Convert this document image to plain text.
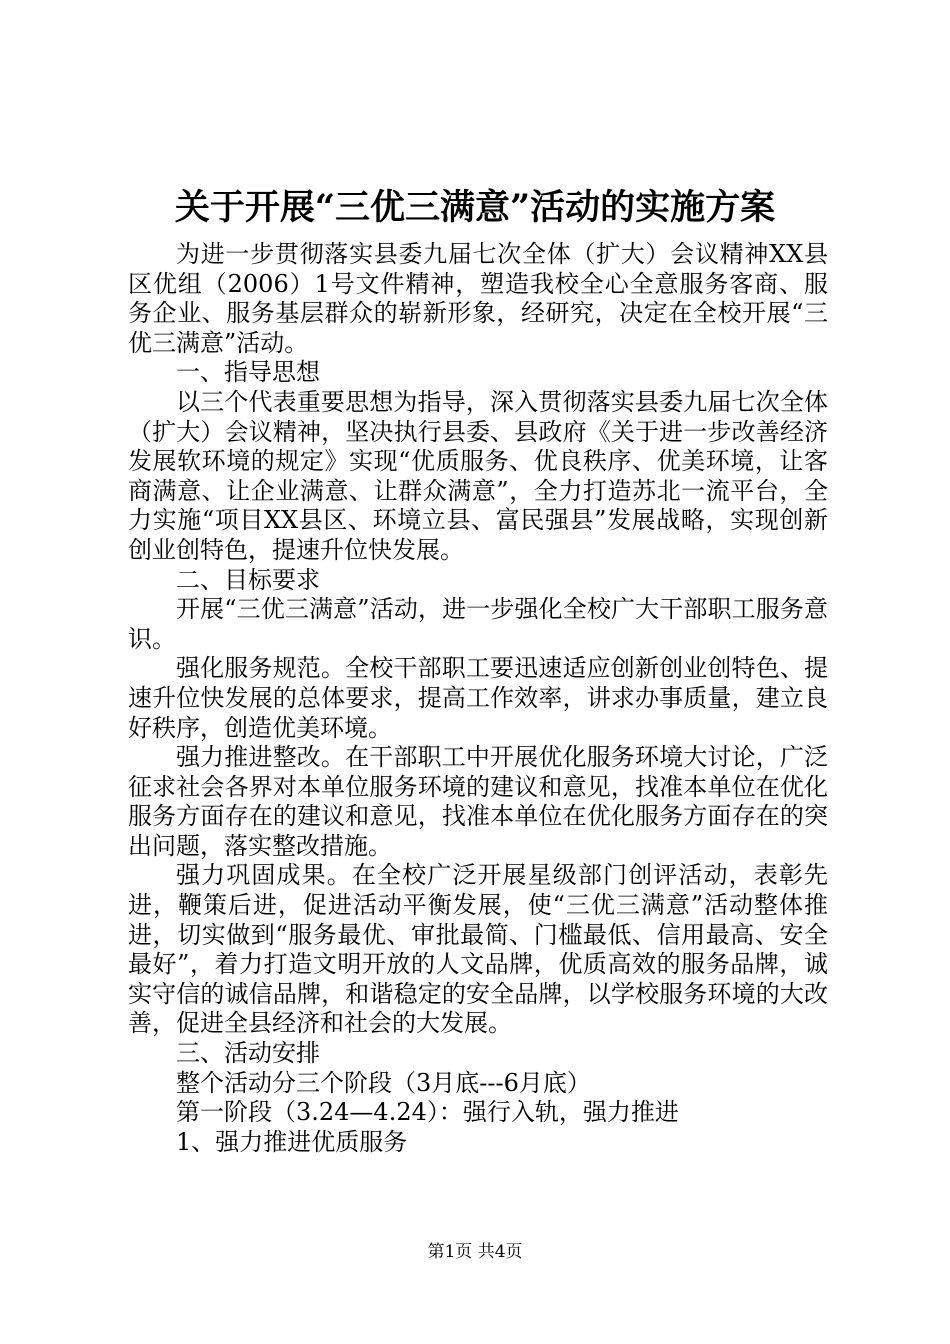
关于开展“三优三满意”活动的实施方案

为进一步贯彻落实县委九届七次全体（扩大）会议精神XX县区优组（2006）1号文件精神，塑造我校全心全意服务客商、服务企业、服务基层群众的崭新形象，经研究，决定在全校开展“三优三满意”活动。

一、指导思想

以三个代表重要思想为指导，深入贯彻落实县委九届七次全体（扩大）会议精神，坚决执行县委、县政府《关于进一步改善经济发展软环境的规定》实现“优质服务、优良秩序、优美环境，让客商满意、让企业满意、让群众满意”，全力打造苏北一流平台，全力实施“项目XX县区、环境立县、富民强县”发展战略，实现创新创业创特色，提速升位快发展。

二、目标要求

开展“三优三满意”活动，进一步强化全校广大干部职工服务意识。

强化服务规范。全校干部职工要迅速适应创新创业创特色、提速升位快发展的总体要求，提高工作效率，讲求办事质量，建立良好秩序，创造优美环境。

强力推进整改。在干部职工中开展优化服务环境大讨论，广泛征求社会各界对本单位服务环境的建议和意见，找准本单位在优化服务方面存在的建议和意见，找准本单位在优化服务方面存在的突出问题，落实整改措施。

强力巩固成果。在全校广泛开展星级部门创评活动，表彰先进，鞭策后进，促进活动平衡发展，使“三优三满意”活动整体推进，切实做到“服务最优、审批最简、门槛最低、信用最高、安全最好”，着力打造文明开放的人文品牌，优质高效的服务品牌，诚实守信的诚信品牌，和谐稳定的安全品牌，以学校服务环境的大改善，促进全县经济和社会的大发展。

三、活动安排

整个活动分三个阶段（3月底---6月底）

第一阶段（3.24—4.24）：强行入轨，强力推进

1、强力推进优质服务

第1页 共4页
